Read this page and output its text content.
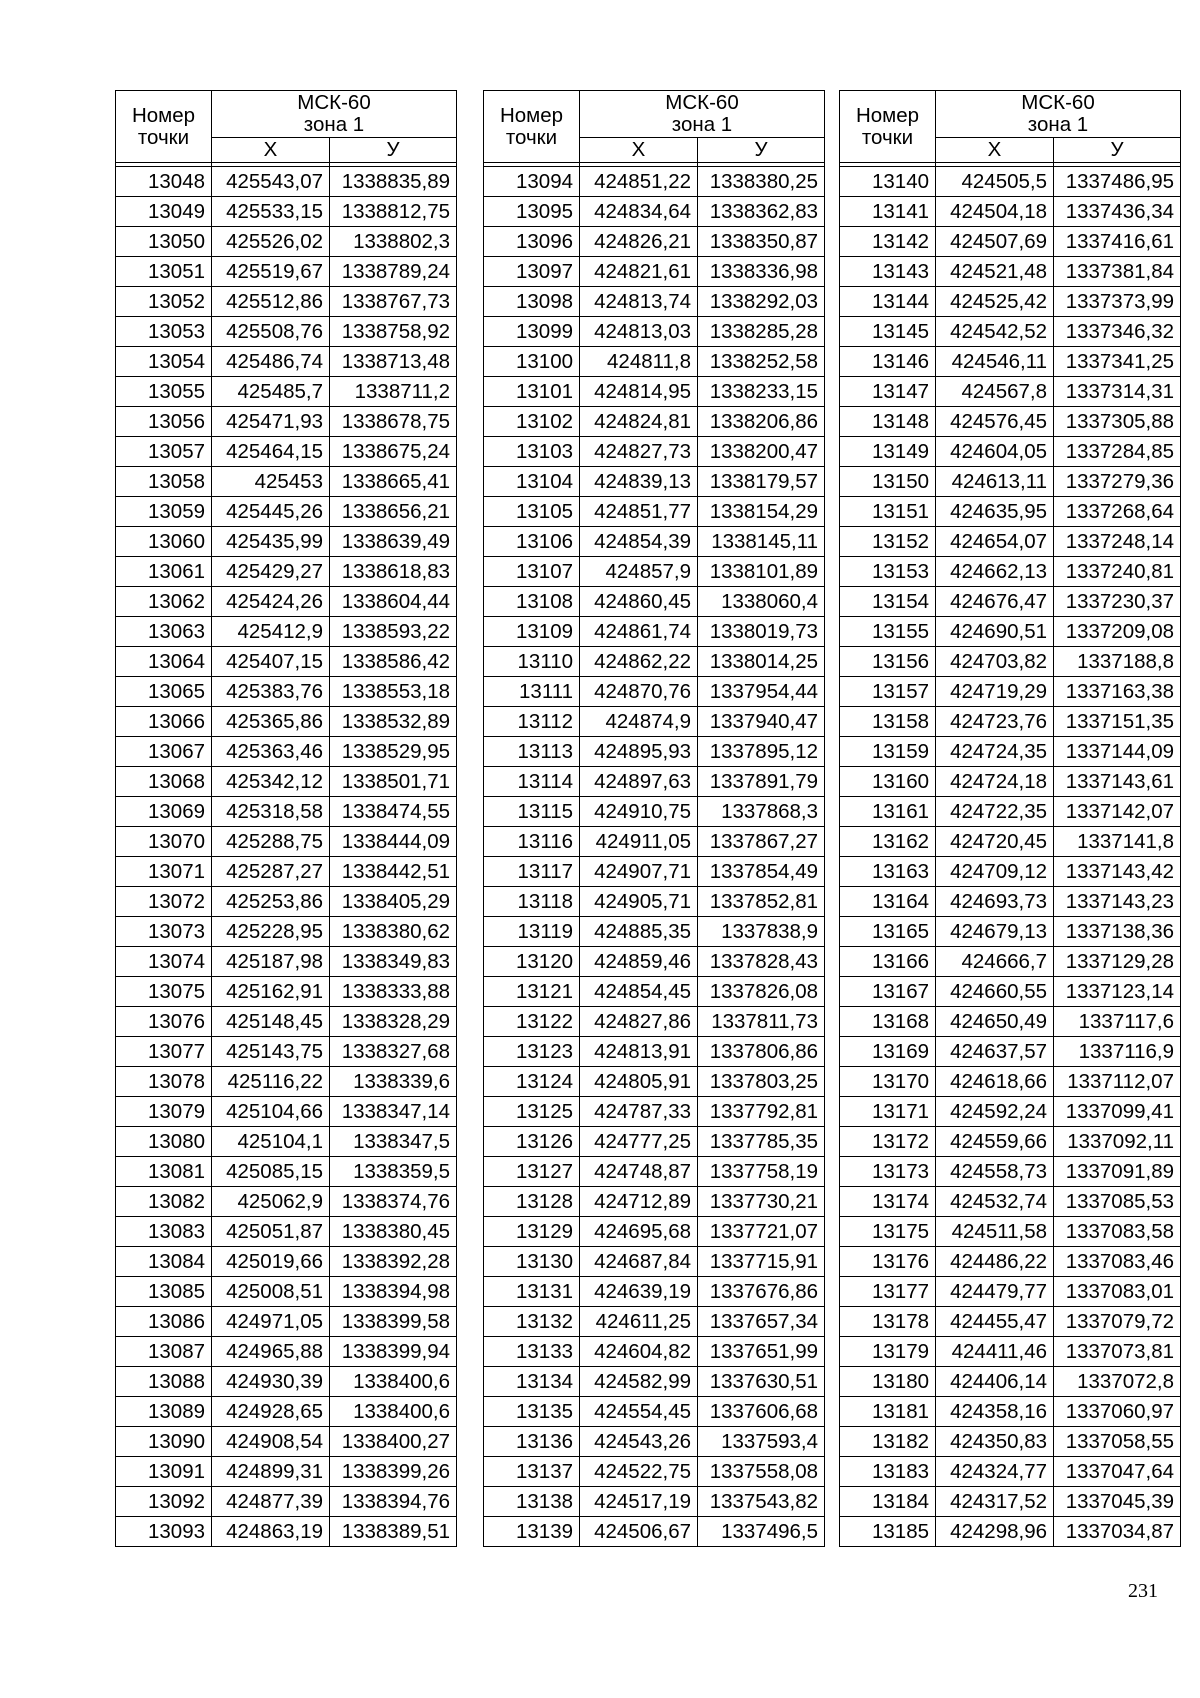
Номер
точки	МСК-60
зона 1	

	Х	У

13048	425543,07	1338835,89
13049	425533,15	1338812,75
13050	425526,02	1338802,3
13051	425519,67	1338789,24
13052	425512,86	1338767,73
13053	425508,76	1338758,92
13054	425486,74	1338713,48
13055	425485,7	1338711,2
13056	425471,93	1338678,75
13057	425464,15	1338675,24
13058	425453	1338665,41
13059	425445,26	1338656,21
13060	425435,99	1338639,49
13061	425429,27	1338618,83
13062	425424,26	1338604,44
13063	425412,9	1338593,22
13064	425407,15	1338586,42
13065	425383,76	1338553,18
13066	425365,86	1338532,89
13067	425363,46	1338529,95
13068	425342,12	1338501,71
13069	425318,58	1338474,55
13070	425288,75	1338444,09
13071	425287,27	1338442,51
13072	425253,86	1338405,29
13073	425228,95	1338380,62
13074	425187,98	1338349,83
13075	425162,91	1338333,88
13076	425148,45	1338328,29
13077	425143,75	1338327,68
13078	425116,22	1338339,6
13079	425104,66	1338347,14
13080	425104,1	1338347,5
13081	425085,15	1338359,5
13082	425062,9	1338374,76
13083	425051,87	1338380,45
13084	425019,66	1338392,28
13085	425008,51	1338394,98
13086	424971,05	1338399,58
13087	424965,88	1338399,94
13088	424930,39	1338400,6
13089	424928,65	1338400,6
13090	424908,54	1338400,27
13091	424899,31	1338399,26
13092	424877,39	1338394,76
13093	424863,19	1338389,51
Номер
точки	МСК-60
зона 1	

	Х	У

13094	424851,22	1338380,25
13095	424834,64	1338362,83
13096	424826,21	1338350,87
13097	424821,61	1338336,98
13098	424813,74	1338292,03
13099	424813,03	1338285,28
13100	424811,8	1338252,58
13101	424814,95	1338233,15
13102	424824,81	1338206,86
13103	424827,73	1338200,47
13104	424839,13	1338179,57
13105	424851,77	1338154,29
13106	424854,39	1338145,11
13107	424857,9	1338101,89
13108	424860,45	1338060,4
13109	424861,74	1338019,73
13110	424862,22	1338014,25
13111	424870,76	1337954,44
13112	424874,9	1337940,47
13113	424895,93	1337895,12
13114	424897,63	1337891,79
13115	424910,75	1337868,3
13116	424911,05	1337867,27
13117	424907,71	1337854,49
13118	424905,71	1337852,81
13119	424885,35	1337838,9
13120	424859,46	1337828,43
13121	424854,45	1337826,08
13122	424827,86	1337811,73
13123	424813,91	1337806,86
13124	424805,91	1337803,25
13125	424787,33	1337792,81
13126	424777,25	1337785,35
13127	424748,87	1337758,19
13128	424712,89	1337730,21
13129	424695,68	1337721,07
13130	424687,84	1337715,91
13131	424639,19	1337676,86
13132	424611,25	1337657,34
13133	424604,82	1337651,99
13134	424582,99	1337630,51
13135	424554,45	1337606,68
13136	424543,26	1337593,4
13137	424522,75	1337558,08
13138	424517,19	1337543,82
13139	424506,67	1337496,5
Номер
точки	МСК-60
зона 1	

	Х	У

13140	424505,5	1337486,95
13141	424504,18	1337436,34
13142	424507,69	1337416,61
13143	424521,48	1337381,84
13144	424525,42	1337373,99
13145	424542,52	1337346,32
13146	424546,11	1337341,25
13147	424567,8	1337314,31
13148	424576,45	1337305,88
13149	424604,05	1337284,85
13150	424613,11	1337279,36
13151	424635,95	1337268,64
13152	424654,07	1337248,14
13153	424662,13	1337240,81
13154	424676,47	1337230,37
13155	424690,51	1337209,08
13156	424703,82	1337188,8
13157	424719,29	1337163,38
13158	424723,76	1337151,35
13159	424724,35	1337144,09
13160	424724,18	1337143,61
13161	424722,35	1337142,07
13162	424720,45	1337141,8
13163	424709,12	1337143,42
13164	424693,73	1337143,23
13165	424679,13	1337138,36
13166	424666,7	1337129,28
13167	424660,55	1337123,14
13168	424650,49	1337117,6
13169	424637,57	1337116,9
13170	424618,66	1337112,07
13171	424592,24	1337099,41
13172	424559,66	1337092,11
13173	424558,73	1337091,89
13174	424532,74	1337085,53
13175	424511,58	1337083,58
13176	424486,22	1337083,46
13177	424479,77	1337083,01
13178	424455,47	1337079,72
13179	424411,46	1337073,81
13180	424406,14	1337072,8
13181	424358,16	1337060,97
13182	424350,83	1337058,55
13183	424324,77	1337047,64
13184	424317,52	1337045,39
13185	424298,96	1337034,87
231
